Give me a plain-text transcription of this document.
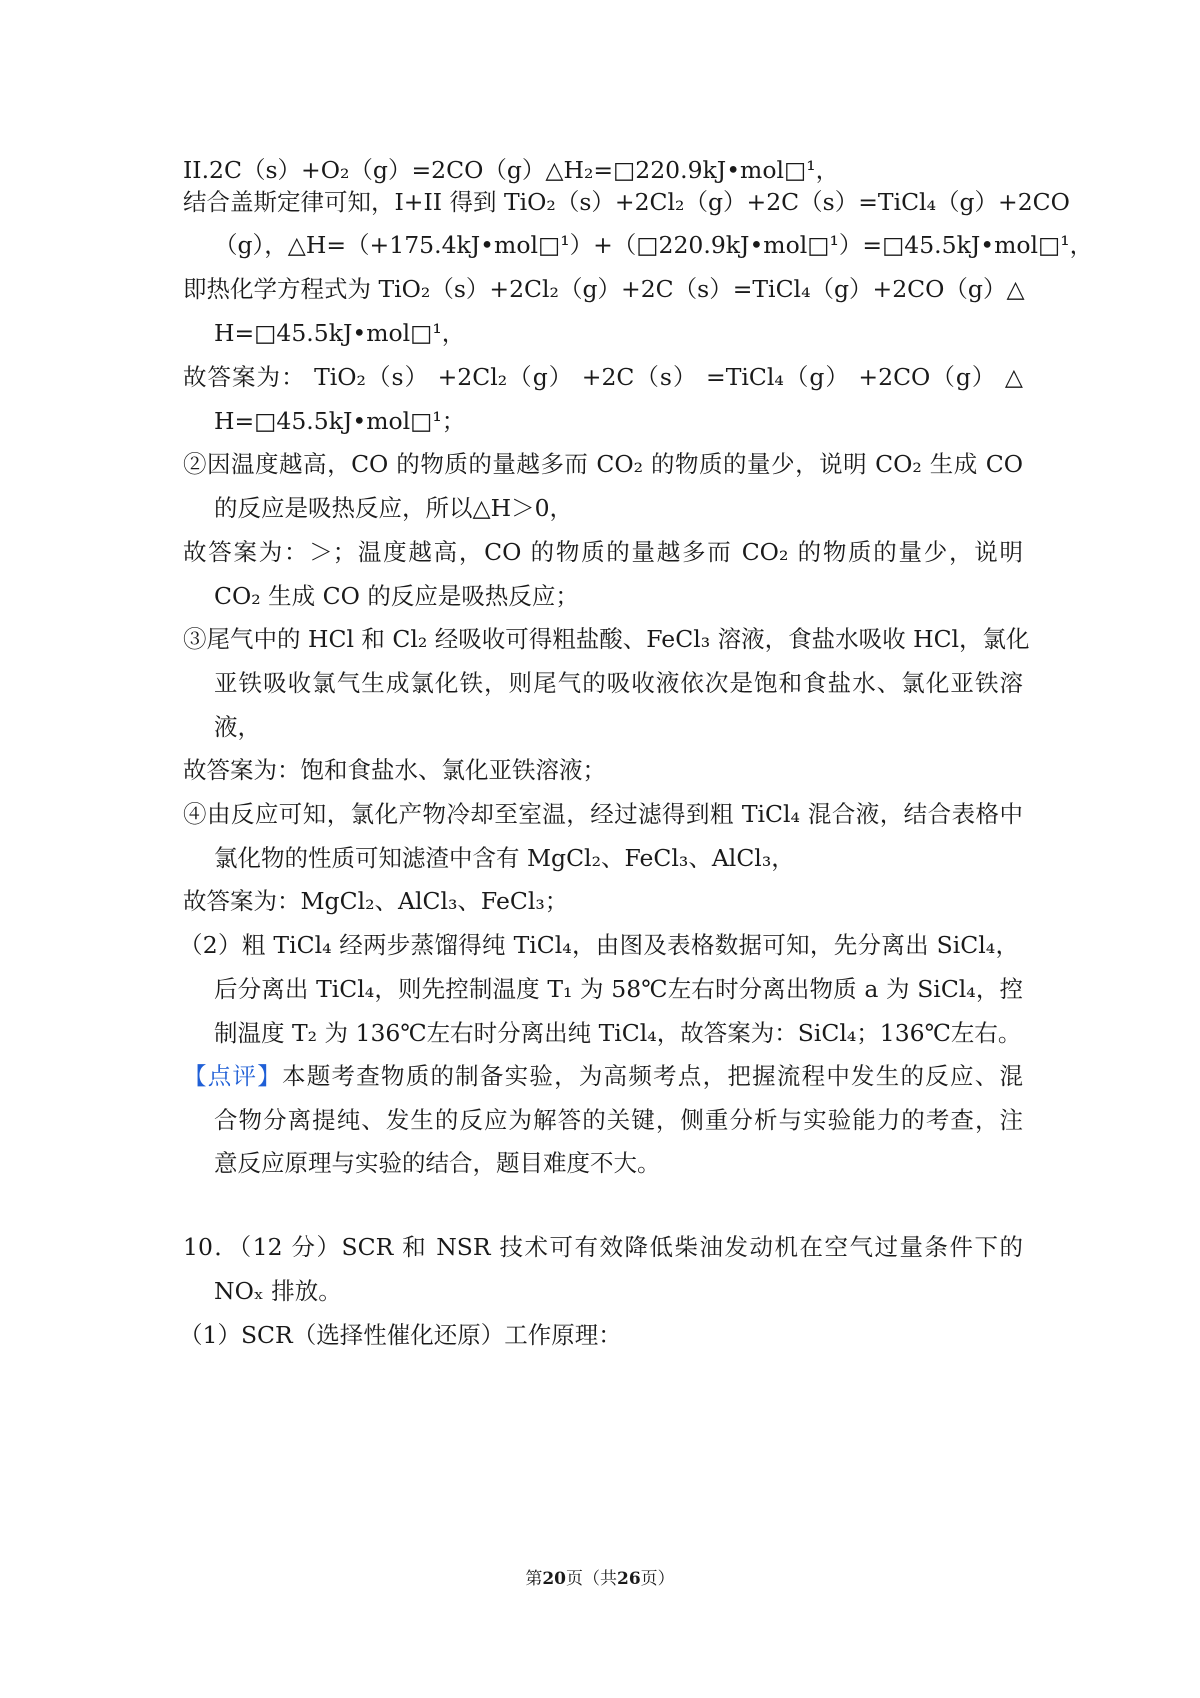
II.2C（s）+O₂（g）=2CO（g）△H₂=□220.9kJ•mol□¹，
结合盖斯定律可知，I+II 得到 TiO₂（s）+2Cl₂（g）+2C（s）=TiCl₄（g）+2CO
（g），△H=（+175.4kJ•mol□¹）+（□220.9kJ•mol□¹）=□45.5kJ•mol□¹，
即热化学方程式为 TiO₂（s）+2Cl₂（g）+2C（s）=TiCl₄（g）+2CO（g）△
H=□45.5kJ•mol□¹，
故答案为： TiO₂（s） +2Cl₂（g） +2C（s） =TiCl₄（g） +2CO（g） △
H=□45.5kJ•mol□¹；
②因温度越高，CO 的物质的量越多而 CO₂ 的物质的量少，说明 CO₂ 生成 CO
的反应是吸热反应，所以△H＞0，
故答案为：＞；温度越高，CO 的物质的量越多而 CO₂ 的物质的量少，说明
CO₂ 生成 CO 的反应是吸热反应；
③尾气中的 HCl 和 Cl₂ 经吸收可得粗盐酸、FeCl₃ 溶液，食盐水吸收 HCl，氯化
亚铁吸收氯气生成氯化铁，则尾气的吸收液依次是饱和食盐水、氯化亚铁溶
液，
故答案为：饱和食盐水、氯化亚铁溶液；
④由反应可知，氯化产物冷却至室温，经过滤得到粗 TiCl₄ 混合液，结合表格中
氯化物的性质可知滤渣中含有 MgCl₂、FeCl₃、AlCl₃，
故答案为：MgCl₂、AlCl₃、FeCl₃；
（2）粗 TiCl₄ 经两步蒸馏得纯 TiCl₄，由图及表格数据可知，先分离出 SiCl₄，
后分离出 TiCl₄，则先控制温度 T₁ 为 58℃左右时分离出物质 a 为 SiCl₄，控
制温度 T₂ 为 136℃左右时分离出纯 TiCl₄，故答案为：SiCl₄；136℃左右。
【点评】本题考查物质的制备实验，为高频考点，把握流程中发生的反应、混
合物分离提纯、发生的反应为解答的关键，侧重分析与实验能力的考查，注
意反应原理与实验的结合，题目难度不大。
10．（12 分）SCR 和 NSR 技术可有效降低柴油发动机在空气过量条件下的
NOₓ 排放。
（1）SCR（选择性催化还原）工作原理：
第20页（共26页）
